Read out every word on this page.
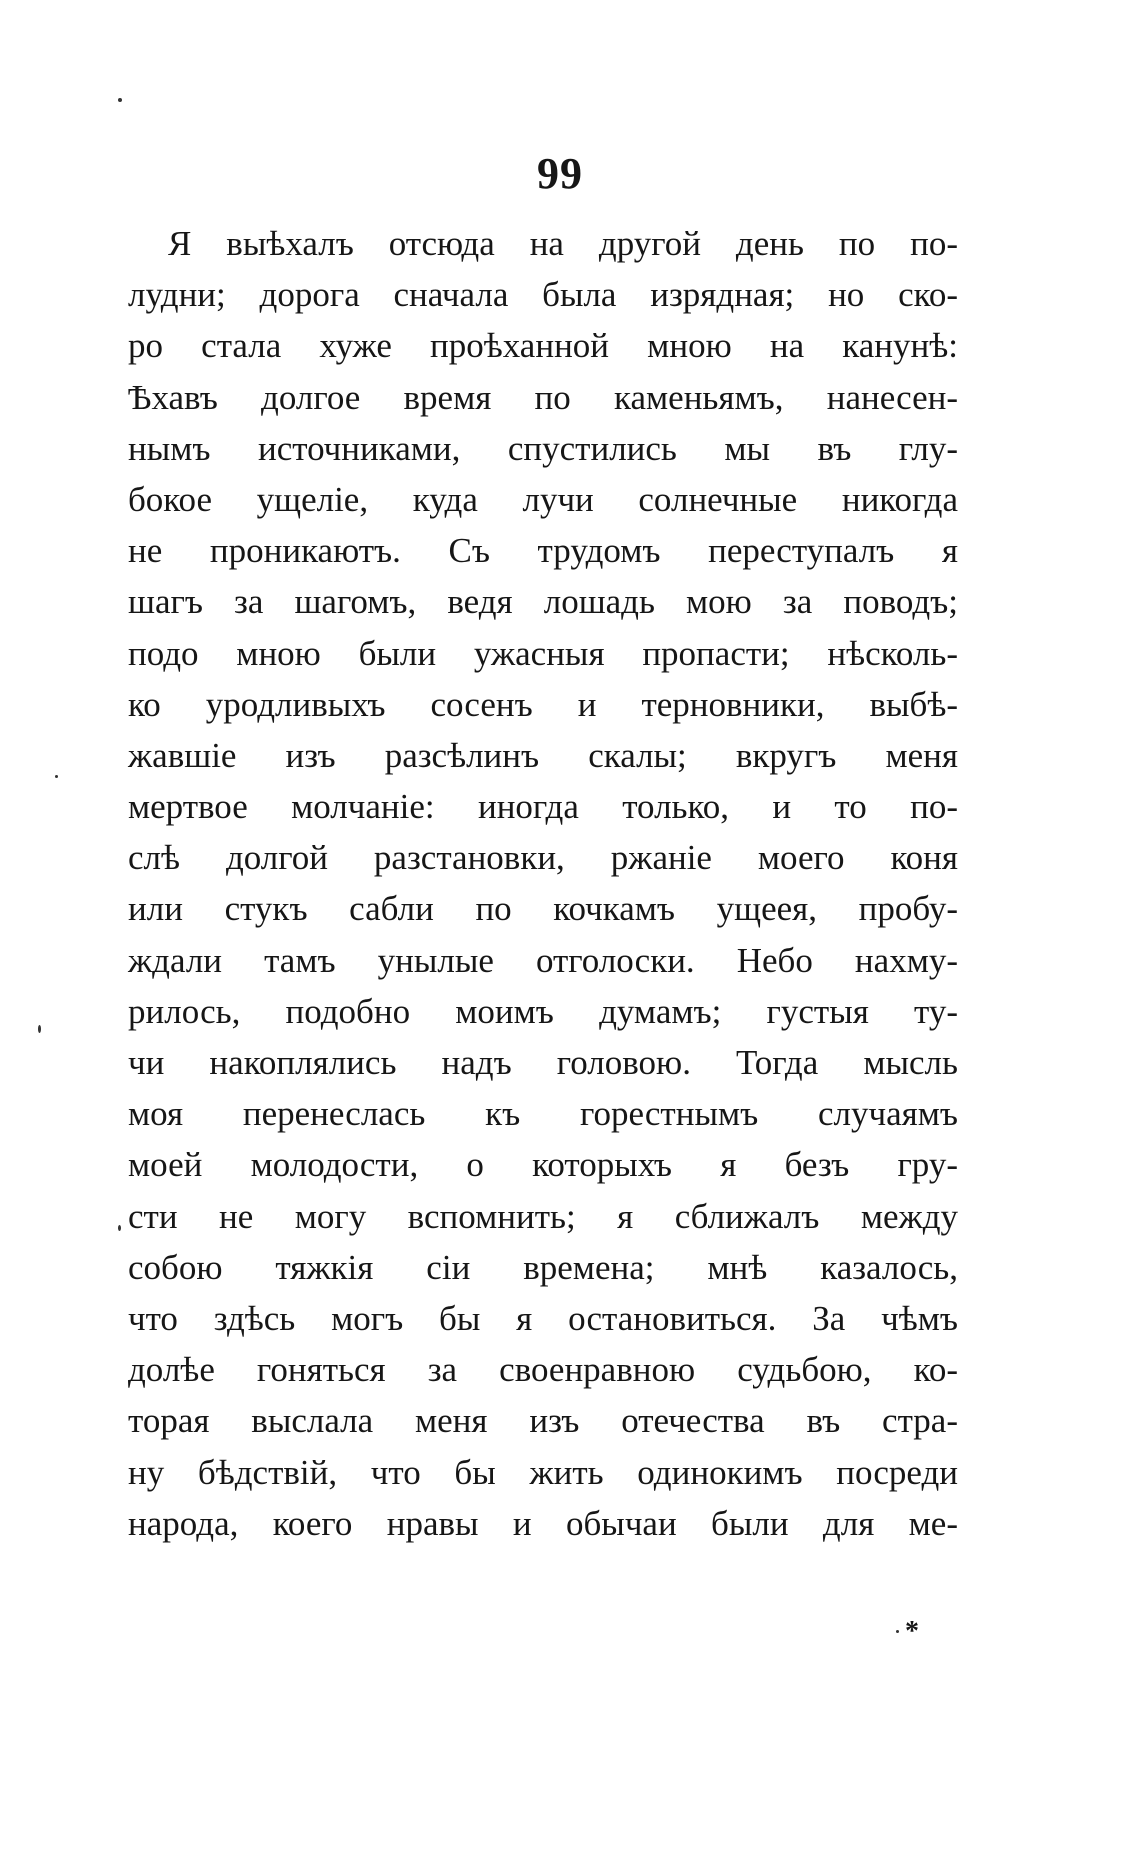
99
Я выѣхалъ отсюда на другой день по по-
лудни; дорога сначала была изрядная; но ско-
ро стала хуже проѣханной мною на канунѣ:
Ѣхавъ долгое время по каменьямъ, нанесен-
нымъ источниками, спустились мы въ глу-
бокое ущелiе, куда лучи солнечные никогда
не проникаютъ. Съ трудомъ переступалъ я
шагъ за шагомъ, ведя лошадь мою за поводъ;
подо мною были ужасныя пропасти; нѣсколь-
ко уродливыхъ сосенъ и терновники, выбѣ-
жавшiе изъ разсѣлинъ скалы; вкругъ меня
мертвое молчанiе: иногда только, и то по-
слѣ долгой разстановки, ржанiе моего коня
или стукъ сабли по кочкамъ ущеея, пробу-
ждали тамъ унылые отголоски. Небо нахму-
рилось, подобно моимъ думамъ; густыя ту-
чи накоплялись надъ головою. Тогда мысль
моя перенеслась къ горестнымъ случаямъ
моей молодости, о которыхъ я безъ гру-
сти не могу вспомнить; я сближалъ между
собою тяжкiя сiи времена; мнѣ казалось,
что здѣсь могъ бы я остановиться. За чѣмъ
долѣе гоняться за своенравною судьбою, ко-
торая выслала меня изъ отечества въ стра-
ну бѣдствiй, что бы жить одинокимъ посреди
народа, коего нравы и обычаи были для ме-
*
